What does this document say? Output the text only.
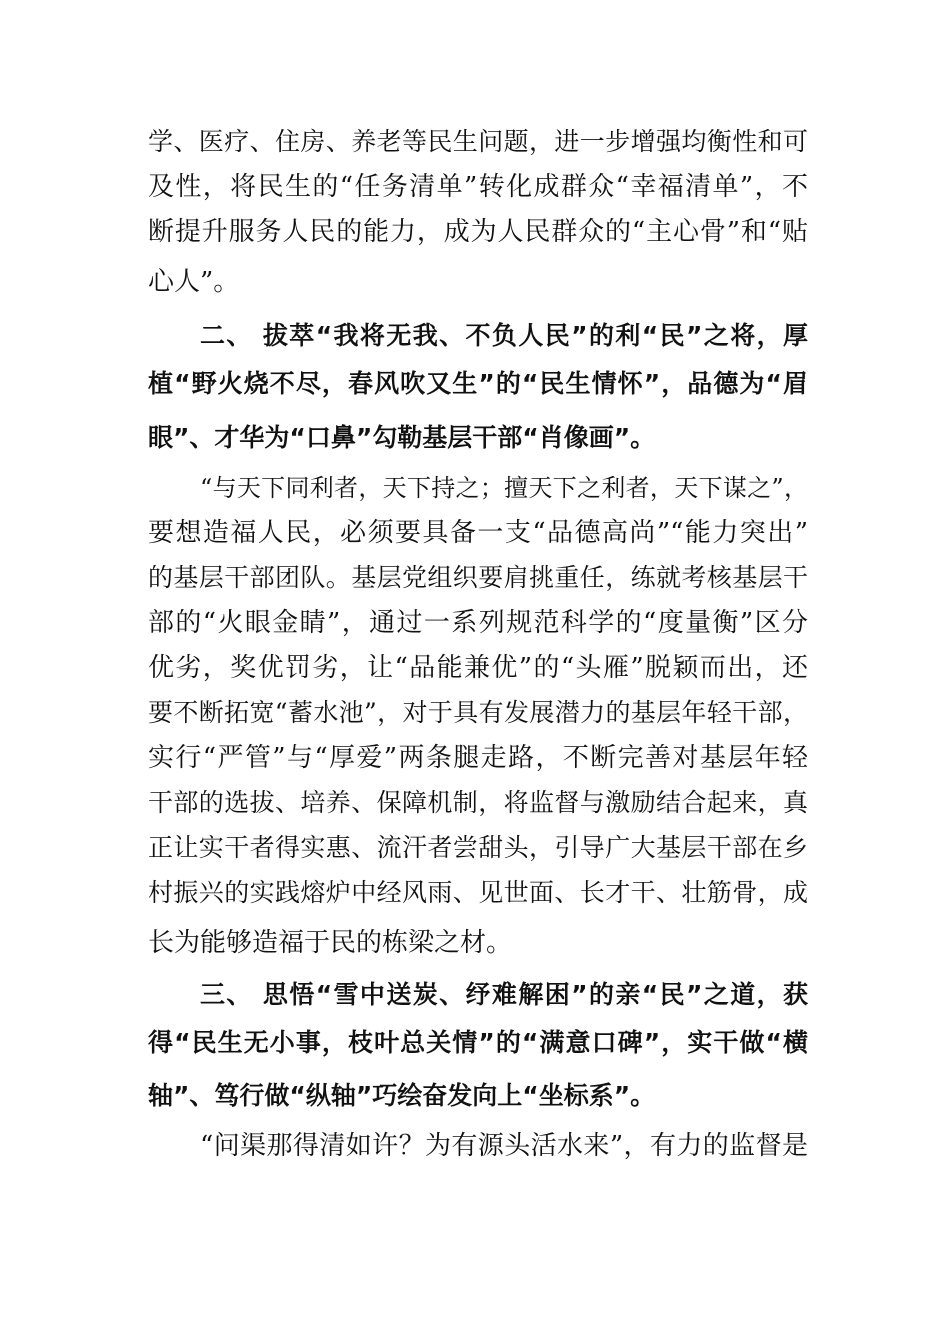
学、医疗、住房、养老等民生问题，进一步增强均衡性和可
及性，将民生的“任务清单”转化成群众“幸福清单”，不
断提升服务人民的能力，成为人民群众的“主心骨”和“贴
心人”。
二、 拔萃“我将无我、不负人民”的利“民”之将，厚
植“野火烧不尽，春风吹又生”的“民生情怀”，品德为“眉
眼”、才华为“口鼻”勾勒基层干部“肖像画”。
“与天下同利者，天下持之；擅天下之利者，天下谋之”，
要想造福人民，必须要具备一支“品德高尚”“能力突出”
的基层干部团队。基层党组织要肩挑重任，练就考核基层干
部的“火眼金睛”，通过一系列规范科学的“度量衡”区分
优劣，奖优罚劣，让“品能兼优”的“头雁”脱颖而出，还
要不断拓宽“蓄水池”，对于具有发展潜力的基层年轻干部，
实行“严管”与“厚爱”两条腿走路，不断完善对基层年轻
干部的选拔、培养、保障机制，将监督与激励结合起来，真
正让实干者得实惠、流汗者尝甜头，引导广大基层干部在乡
村振兴的实践熔炉中经风雨、见世面、长才干、壮筋骨，成
长为能够造福于民的栋梁之材。
三、 思悟“雪中送炭、纾难解困”的亲“民”之道，获
得“民生无小事，枝叶总关情”的“满意口碑”，实干做“横
轴”、笃行做“纵轴”巧绘奋发向上“坐标系”。
“问渠那得清如许？为有源头活水来”，有力的监督是
